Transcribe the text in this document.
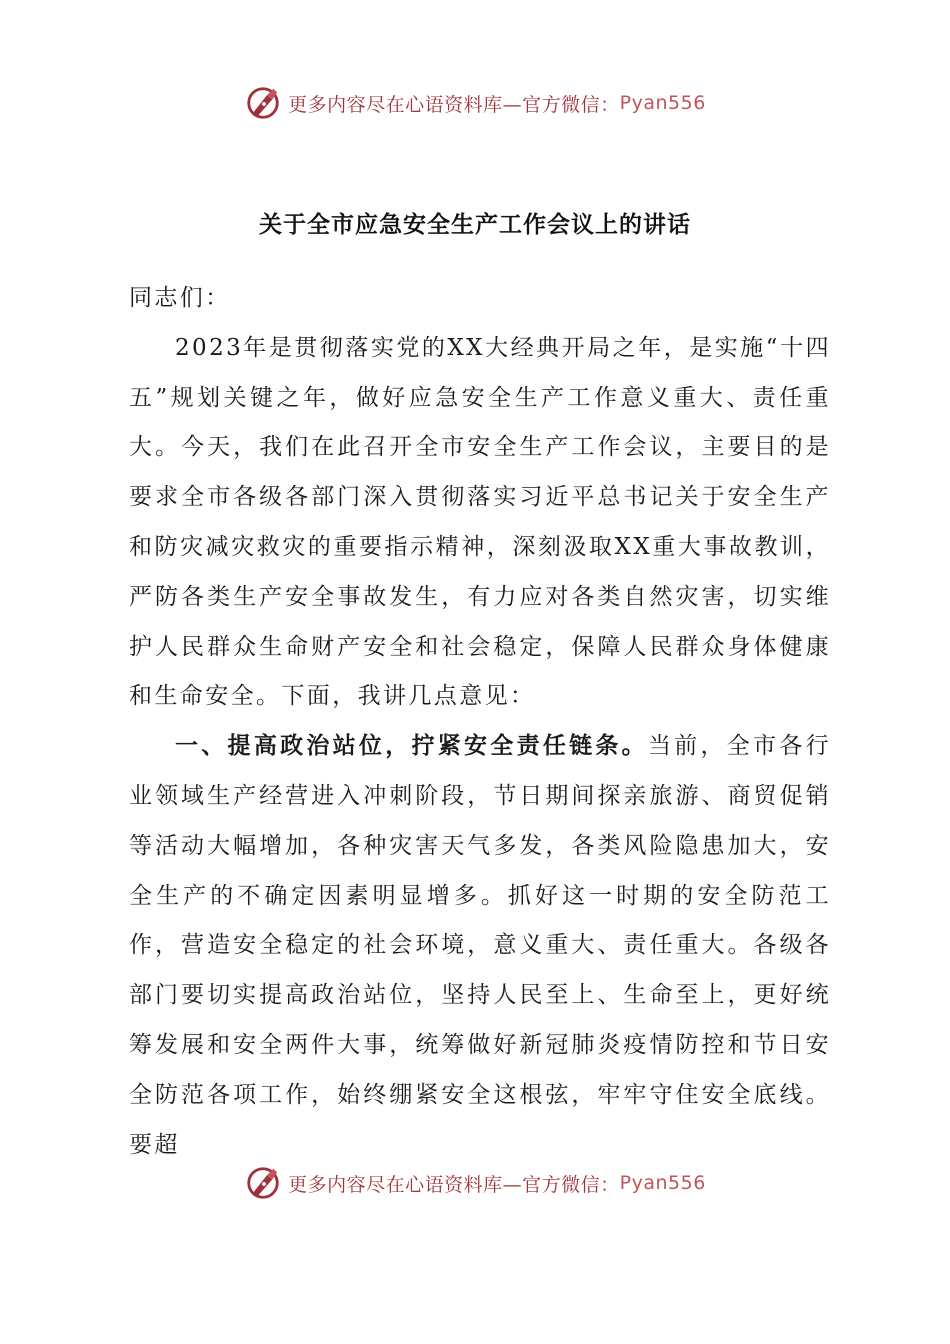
更多内容尽在心语资料库—官方微信： Pyan556
关于全市应急安全生产工作会议上的讲话

同志们：

2023年是贯彻落实党的XX大经典开局之年，是实施“十四五”规划关键之年，做好应急安全生产工作意义重大、责任重大。今天，我们在此召开全市安全生产工作会议，主要目的是要求全市各级各部门深入贯彻落实习近平总书记关于安全生产和防灾减灾救灾的重要指示精神，深刻汲取XX重大事故教训，严防各类生产安全事故发生，有力应对各类自然灾害，切实维护人民群众生命财产安全和社会稳定，保障人民群众身体健康和生命安全。下面，我讲几点意见：

一、提高政治站位，拧紧安全责任链条。当前，全市各行业领域生产经营进入冲刺阶段，节日期间探亲旅游、商贸促销等活动大幅增加，各种灾害天气多发，各类风险隐患加大，安全生产的不确定因素明显增多。抓好这一时期的安全防范工作，营造安全稳定的社会环境，意义重大、责任重大。各级各部门要切实提高政治站位，坚持人民至上、生命至上，更好统筹发展和安全两件大事，统筹做好新冠肺炎疫情防控和节日安全防范各项工作，始终绷紧安全这根弦，牢牢守住安全底线。要超

更多内容尽在心语资料库—官方微信： Pyan556
